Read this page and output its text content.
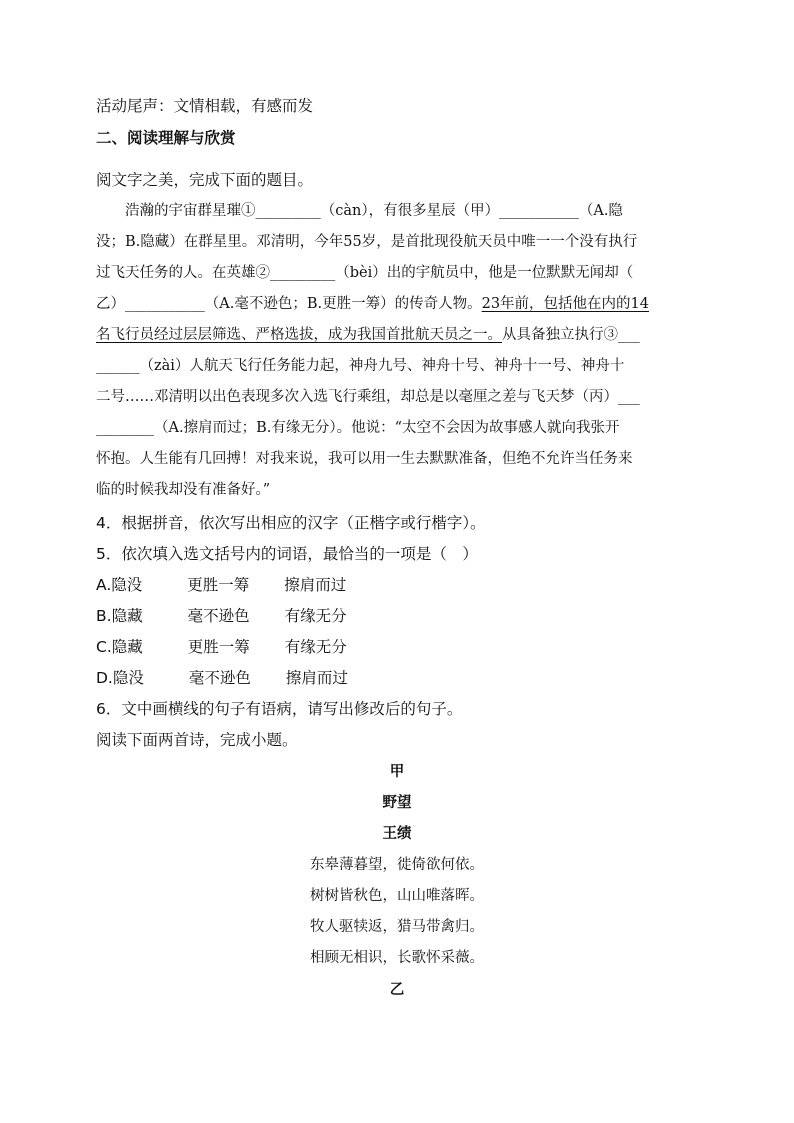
活动尾声：文情相载，有感而发
二、阅读理解与欣赏
阅文字之美，完成下面的题目。
　　浩瀚的宇宙群星璀①_________（càn），有很多星辰（甲）___________（A.隐
没；B.隐藏）在群星里。邓清明，今年55岁，是首批现役航天员中唯一一个没有执行
过飞天任务的人。在英雄②_________（bèi）出的宇航员中，他是一位默默无闻却（
乙）___________（A.毫不逊色；B.更胜一筹）的传奇人物。23年前，包括他在内的14
名飞行员经过层层筛选、严格选拔，成为我国首批航天员之一。从具备独立执行③___
______（zài）人航天飞行任务能力起，神舟九号、神舟十号、神舟十一号、神舟十
二号……邓清明以出色表现多次入选飞行乘组，却总是以毫厘之差与飞天梦（丙）___
________（A.擦肩而过；B.有缘无分）。他说：“太空不会因为故事感人就向我张开
怀抱。人生能有几回搏！对我来说，我可以用一生去默默准备，但绝不允许当任务来
临的时候我却没有准备好。”
4．根据拼音，依次写出相应的汉字（正楷字或行楷字）。
5．依次填入选文括号内的词语，最恰当的一项是（　）
A.隐没	更胜一筹 擦肩而过
B.隐藏	毫不逊色 有缘无分
C.隐藏	更胜一筹 有缘无分
D.隐没	毫不逊色 擦肩而过
6．文中画横线的句子有语病，请写出修改后的句子。
阅读下面两首诗，完成小题。
甲
野望
王绩
东皋薄暮望，徙倚欲何依。
树树皆秋色，山山唯落晖。
牧人驱犊返，猎马带禽归。
相顾无相识，长歌怀采薇。
乙
